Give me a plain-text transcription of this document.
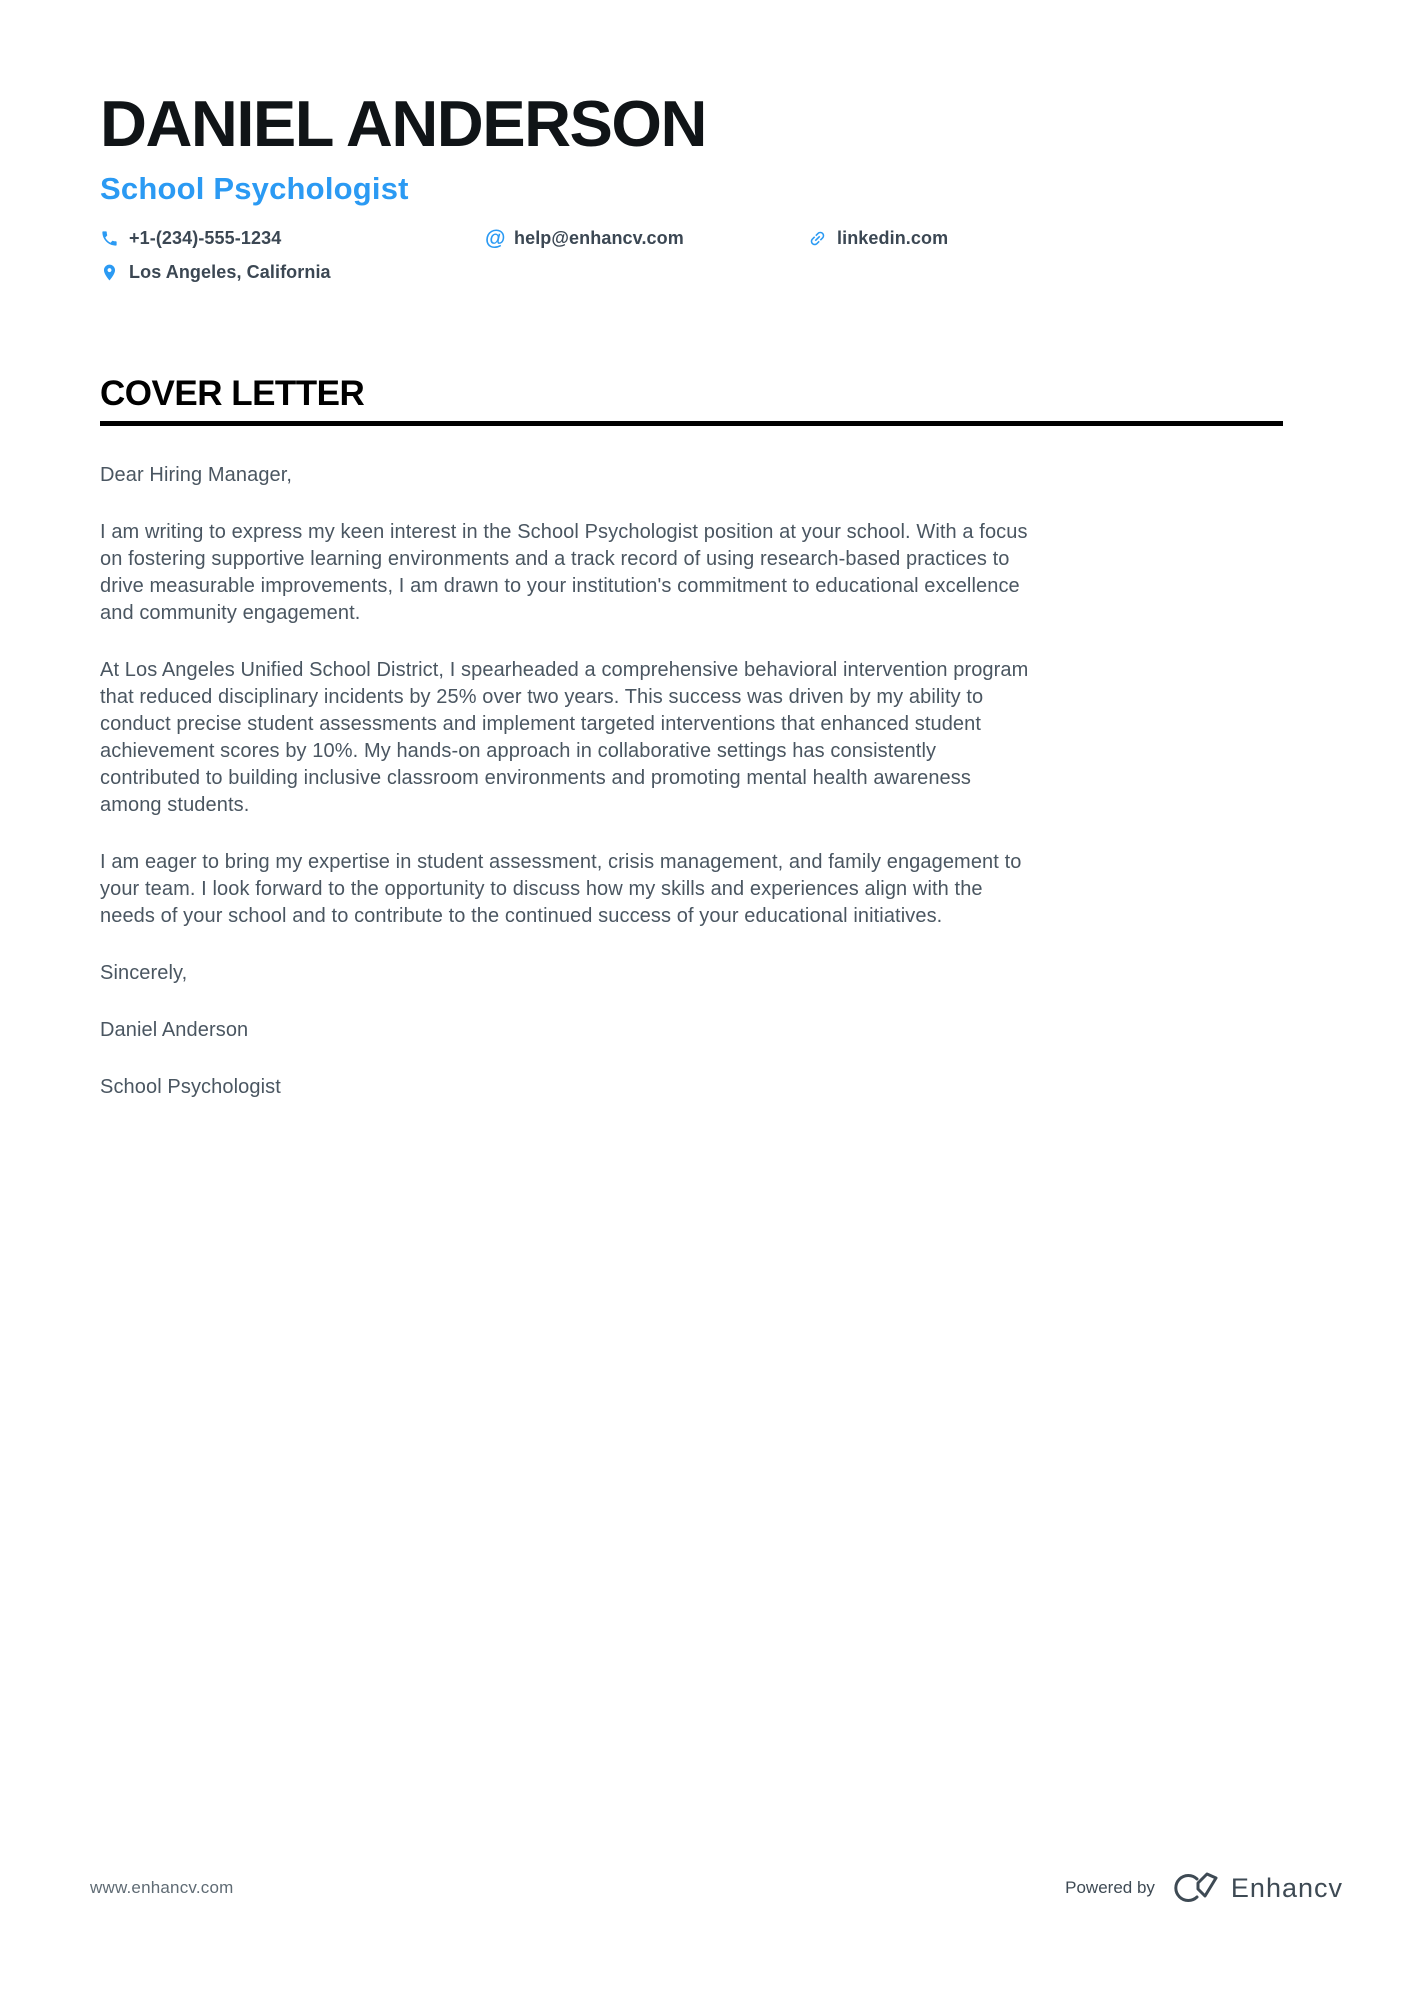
DANIEL ANDERSON
School Psychologist
+1-(234)-555-1234	@ help@enhancv.com	linkedin.com
Los Angeles, California
COVER LETTER

Dear Hiring Manager,

I am writing to express my keen interest in the School Psychologist position at your school. With a focus on fostering supportive learning environments and a track record of using research-based practices to drive measurable improvements, I am drawn to your institution's commitment to educational excellence and community engagement.

At Los Angeles Unified School District, I spearheaded a comprehensive behavioral intervention program that reduced disciplinary incidents by 25% over two years. This success was driven by my ability to conduct precise student assessments and implement targeted interventions that enhanced student achievement scores by 10%. My hands-on approach in collaborative settings has consistently contributed to building inclusive classroom environments and promoting mental health awareness among students.

I am eager to bring my expertise in student assessment, crisis management, and family engagement to your team. I look forward to the opportunity to discuss how my skills and experiences align with the needs of your school and to contribute to the continued success of your educational initiatives.

Sincerely,

Daniel Anderson

School Psychologist

www.enhancv.com	Powered by	Enhancv
